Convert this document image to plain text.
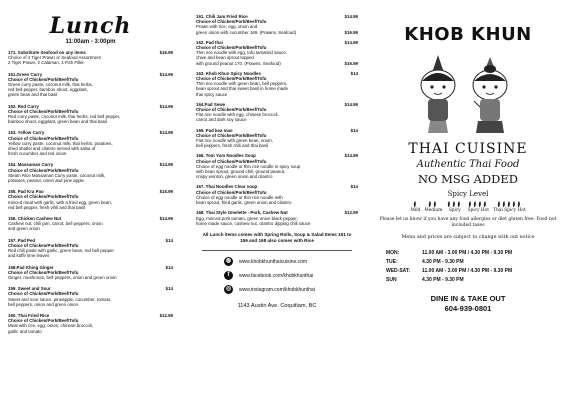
Lunch
11:00am - 3:00pm
171. Substitute Seafood on any items	$16.99
Choice of 4 Tiger Prawn or Seafood Assortment
2 Tiger Prawn, 2 Calamari, 1 Fish Fillet
151.Green Curry	$14.99
Choice of Chicken/Pork/Beef/Tofu
Green curry paste, coconut milk, thai herbs,
red bell pepper, bamboo shoot, eggplant,
green bean and thai basil
152. Red Curry	$14.99
Choice of Chicken/Pork/Beef/Tofu
Red curry paste, coconut milk, thai herbs, red bell pepper,
bamboo shoot, eggplant, green bean and thai basil
153. Yellow Curry	$14.99
Choice of Chicken/Pork/Beef/Tofu
Yellow curry paste, coconut milk, thai herbs, potatoes,
dried shallot and cilantro served with salsa of
fresh cucumber and red onion
154. Massaman Curry	$14.99
Choice of Chicken/Pork/Beef/Tofu
Steam Rice Massaman Curry paste, coconut milk,
potatoes, peanut, onion and pine apple
155. Pad Kra Pao	$15.99
Choice of Chicken/Pork/Beef/Tofu
minced meat with garlic, with a fried egg, green bean,
red bell pepper, fresh vihli and thai basil
156. Chicken Cashew Nut	$14.99
Cashew nut, chili jam, carrot, bell peppers, onion
and green onion
157. Pad Ped	$14
Choice of Chicken/Pork/Beef/Tofu
Red chili paste with garlic, green bean, red bell pepper
and kaffir lime leaves
158.Pad Khing Ginger	$14
Choice of Chicken/Pork/Beef/Tofu
Ginger, mushroom, bell peppers, onion and green onion
159. Sweet and Sour	$14
Choice of Chicken/Pork/Beef/Tofu
Sweet and sour sauce, pineapple, cucumber, tomato,
bell peppers, onion and green onion
160. Thai Fried Rice	$12.99
Choice of Chicken/Pork/Beef/Tofu
Meat with rice, egg, onion, chinese broccoli,
garlic and tomato
161. Chili Jam Fried Rice	$14.99
Choice of Chicken/Pork/Beef/Tofu
Prawn with rice, egg, onion and
green onion with cucumber 169. (Prawns, Seafood)	$16.99
162. Pad thai	$14.99
Choice of Chicken/Pork/Beef/Tofu
Thin rice noodle with egg, tofu tamarind sauce,
chive and bean sprout topped
with ground peanut 170. (Prawns, Seafood)	$16.99
163. Khob Khun Spicy Noodles	$14
Choice of Chicken/Pork/Beef/Tofu
Thin rice noodle with green bean, bell peppers,
bean sprout and thai sweet basil in home made
thai spicy sauce
164.Pad Sewe	$14.99
Choice of Chicken/Pork/Beef/Tofu
Flat rice noodle with egg, chinese broccoli,
carrot and dark soy sauce
165. Pad kea mao	$14
Choice of Chicken/Pork/Beef/Tofu
Flat rice noodle with green bean, onion,
bell peppers, fresh chili and thai basil
166. Tom Yum Noodles Soup	$14.99
Choice of Chicken/Pork/Beef/Tofu
Choice of egg noodle or thin rice noodle in spicy soup
with bean sprout, ground chili, ground peanut,
crispy wonton, green onion and cilantro
167. Thai Noodles Clear soup	$14
Choice of Chicken/Pork/Beef/Tofu
Choice of egg noodle or thin rice noodle with
bean sprout, fried garlic, green onion and cilantro
168. Thai Style Omelette - Pork, Cashew Nut	$12.99
Egg, minced pork tomato, green onion black pepper,
home made sauce, cashew nut, cilantro dipping chili sauce
All Lunch items comes with Spring Rolls, Soup & Salad Items 151 to 159 and 168 also comes with Rice
◍	www.khobkhunthaicuisine.com
f	www.facebook.com/khobkhunthai
◎	www.instagram.com/khobkhunthai
1143 Austin Ave. Coquitlam, BC
KHOB KHUN
THAI CUISINE
Authentic Thai Food
NO MSG ADDED
Spicy Level
Mild Medium	Spicy	Spicy Hot Thai Spicy Hot
Please let us know if you have any food allergies or diet gluten free. Food not included taxes
Menu and prices are subject to change with out notice
MON:	11.00 AM - 3.00 PM / 4.30 PM - 9.30 PM
TUE:	4.30 PM - 9.30 PM
WED-SAT:	11.00 AM - 3.00 PM / 4.30 PM - 9.30 PM
SUN	4.30 PM - 9.30 PM
DINE IN & TAKE OUT
604-939-0801
